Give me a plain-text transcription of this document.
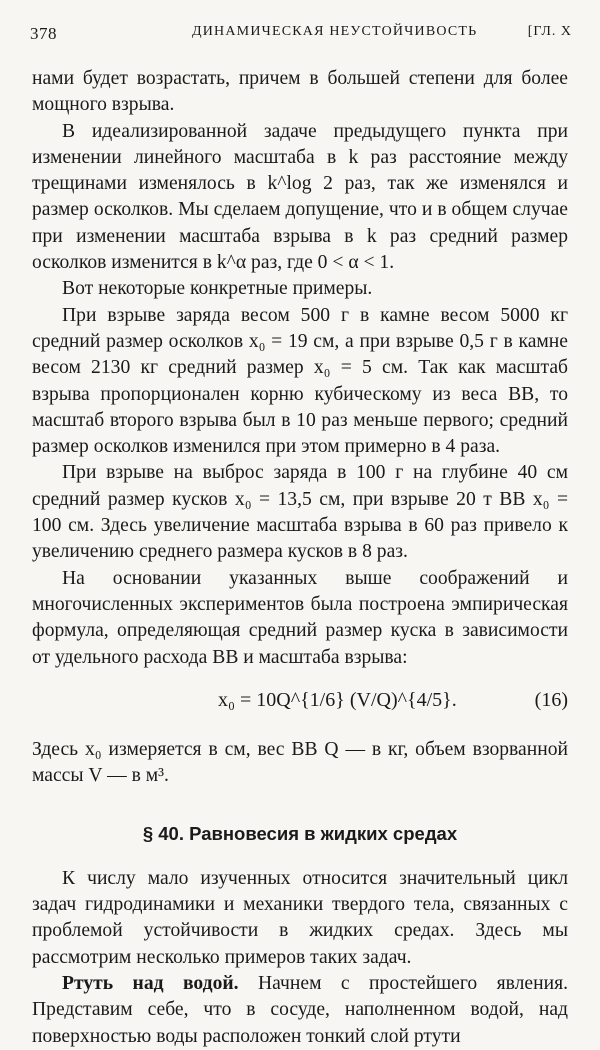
378	ДИНАМИЧЕСКАЯ НЕУСТОЙЧИВОСТЬ	[ГЛ. X

нами будет возрастать, причем в большей степени для более мощного взрыва.

В идеализированной задаче предыдущего пункта при изменении линейного масштаба в k раз расстояние между трещинами изменялось в k^log 2 раз, так же изменялся и размер осколков. Мы сделаем допущение, что и в общем случае при изменении масштаба взрыва в k раз средний размер осколков изменится в k^α раз, где 0 < α < 1.

Вот некоторые конкретные примеры.

При взрыве заряда весом 500 г в камне весом 5000 кг средний размер осколков x₀ = 19 см, а при взрыве 0,5 г в камне весом 2130 кг средний размер x₀ = 5 см. Так как масштаб взрыва пропорционален корню кубическому из веса ВВ, то масштаб второго взрыва был в 10 раз меньше первого; средний размер осколков изменился при этом примерно в 4 раза.

При взрыве на выброс заряда в 100 г на глубине 40 см средний размер кусков x₀ = 13,5 см, при взрыве 20 т ВВ x₀ = 100 см. Здесь увеличение масштаба взрыва в 60 раз привело к увеличению среднего размера кусков в 8 раз.

На основании указанных выше соображений и многочисленных экспериментов была построена эмпирическая формула, определяющая средний размер куска в зависимости от удельного расхода ВВ и масштаба взрыва:

x₀ = 10Q^{1/6} (V/Q)^{4/5}.	(16)

Здесь x₀ измеряется в см, вес ВВ Q — в кг, объем взорванной массы V — в м³.

§ 40. Равновесия в жидких средах

К числу мало изученных относится значительный цикл задач гидродинамики и механики твердого тела, связанных с проблемой устойчивости в жидких средах. Здесь мы рассмотрим несколько примеров таких задач.

Ртуть над водой. Начнем с простейшего явления. Представим себе, что в сосуде, наполненном водой, над поверхностью воды расположен тонкий слой ртути
